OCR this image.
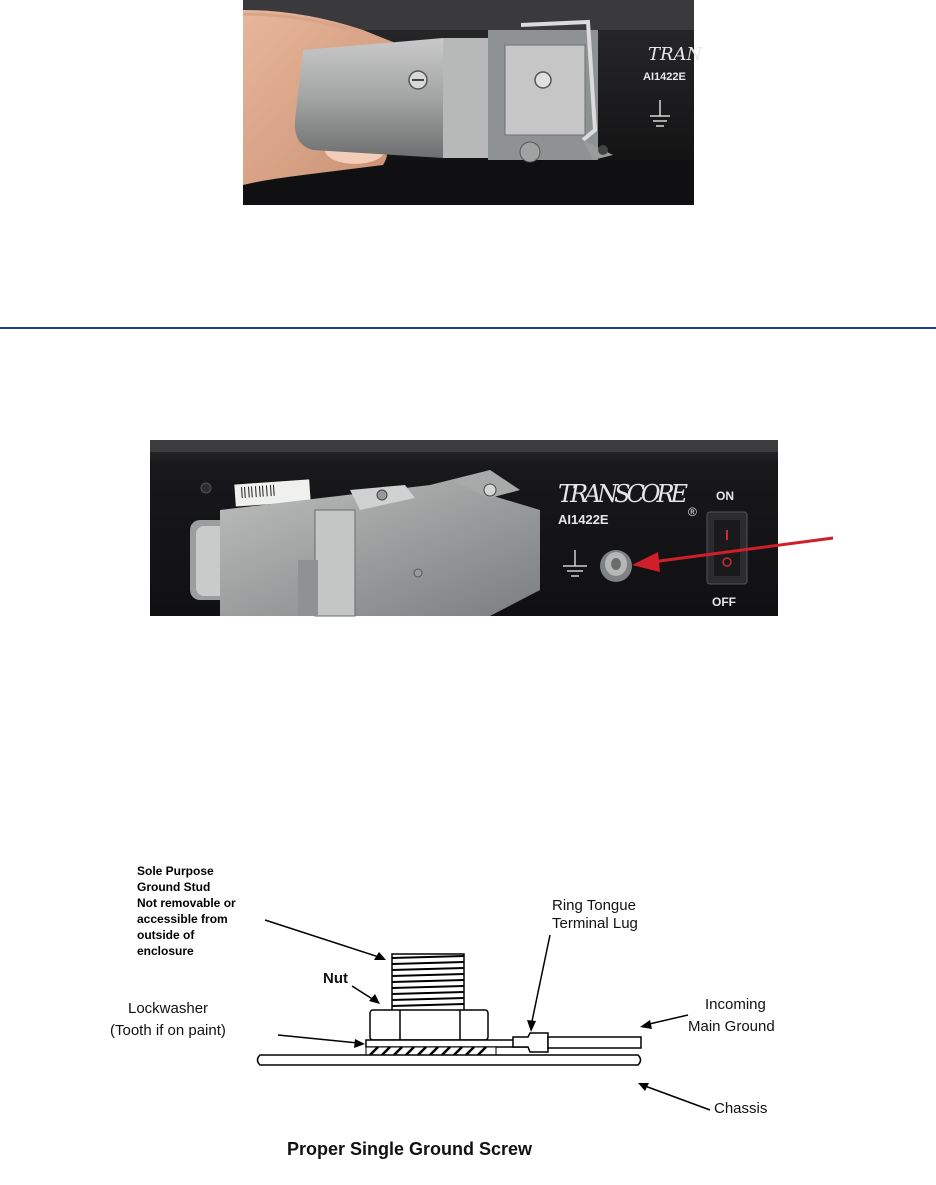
TRAN
AI1422E
TRANSCORE
®
AI1422E
ON
OFF
Sole Purpose
Ground Stud
Not removable or
accessible from
outside of
enclosure
Ring Tongue
Terminal Lug
Nut
Lockwasher
(Tooth if on paint)
Incoming
Main Ground
Chassis
Proper Single Ground Screw
